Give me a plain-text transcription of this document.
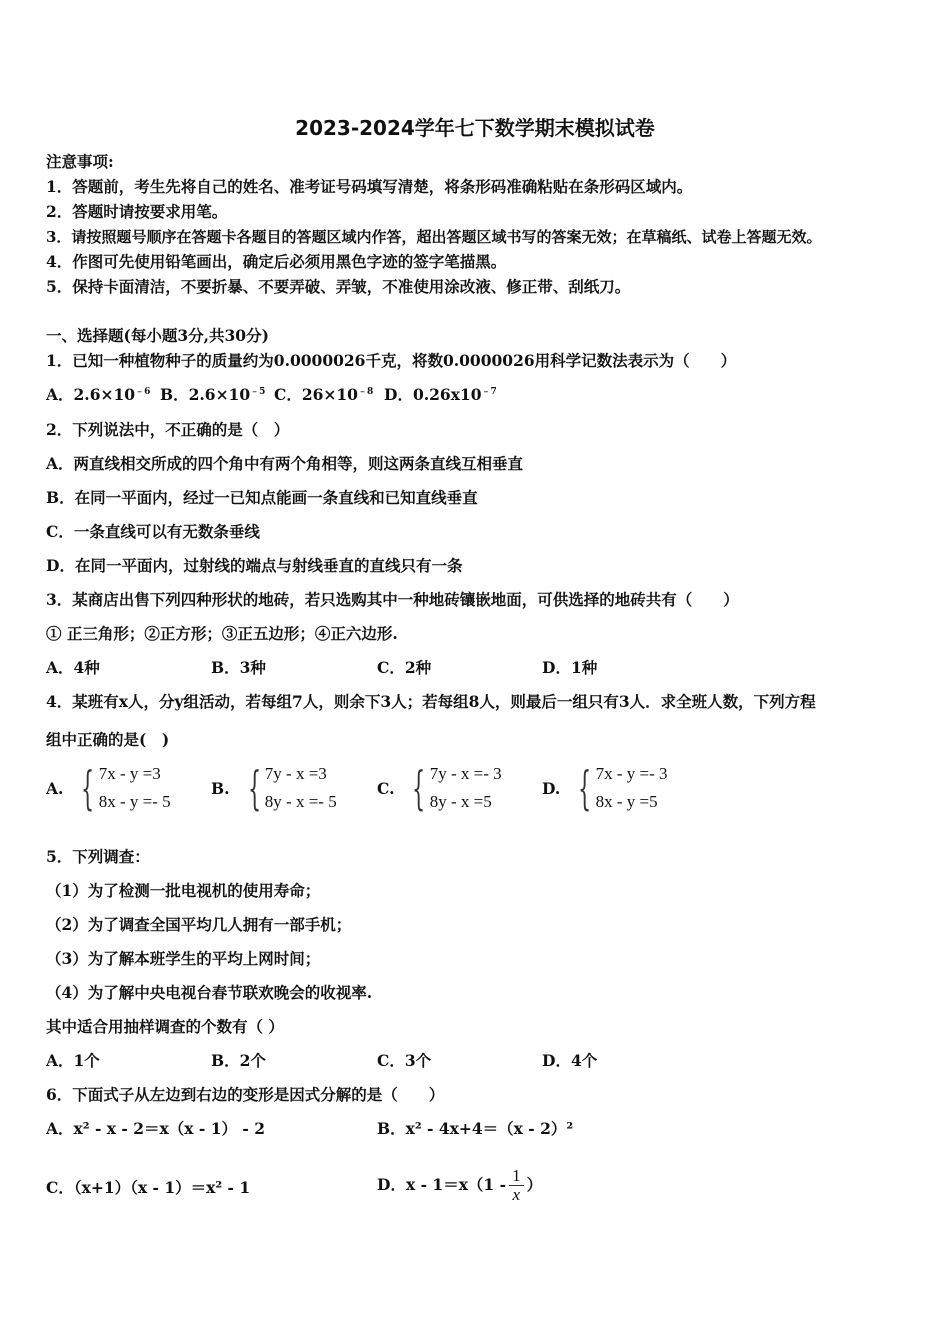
2023-2024学年七下数学期末模拟试卷
注意事项:
1．答题前，考生先将自己的姓名、准考证号码填写清楚，将条形码准确粘贴在条形码区域内。
2．答题时请按要求用笔。
3．请按照题号顺序在答题卡各题目的答题区域内作答，超出答题区域书写的答案无效；在草稿纸、试卷上答题无效。
4．作图可先使用铅笔画出，确定后必须用黑色字迹的签字笔描黑。
5．保持卡面清洁，不要折暴、不要弄破、弄皱，不准使用涂改液、修正带、刮纸刀。
一、选择题(每小题3分,共30分)
1．已知一种植物种子的质量约为0.0000026千克，将数0.0000026用科学记数法表示为（　　）
A．$2.6\times 10^{﹣6}$ B．$2.6\times 10^{﹣5}$ C．$26\times 10^{﹣8}$ D．$0.26x10^{﹣7}$
2．下列说法中，不正确的是（　）
A．两直线相交所成的四个角中有两个角相等，则这两条直线互相垂直
B．在同一平面内，经过一已知点能画一条直线和已知直线垂直
C．一条直线可以有无数条垂线
D．在同一平面内，过射线的端点与射线垂直的直线只有一条
3．某商店出售下列四种形状的地砖，若只选购其中一种地砖镶嵌地面，可供选择的地砖共有（　　）
① 正三角形；②正方形；③正五边形；④正六边形.
A．4种	B．3种	C．2种	D．1种
4．某班有x人，分y组活动，若每组7人，则余下3人；若每组8人，则最后一组只有3人．求全班人数，下列方程
组中正确的是(　)
A. { 7x - y =3
8x - y =- 5
B. { 7y - x =3
8y - x =- 5
C. { 7y - x =- 3
8y - x =5
D. { 7x - y =- 3
8x - y =5
5．下列调查：
（1）为了检测一批电视机的使用寿命；
（2）为了调查全国平均几人拥有一部手机；
（3）为了解本班学生的平均上网时间；
（4）为了解中央电视台春节联欢晚会的收视率.
其中适合用抽样调查的个数有（ ）
A．1个	B．2个	C．3个	D．4个
6．下面式子从左边到右边的变形是因式分解的是（　　）
A．x² - x - 2＝x（x - 1） - 2	B．x² - 4x+4＝（x - 2）²
C．（x+1）（x - 1）＝x² - 1	D．$x - 1=x(1 - \frac{1}{x}$ ）
